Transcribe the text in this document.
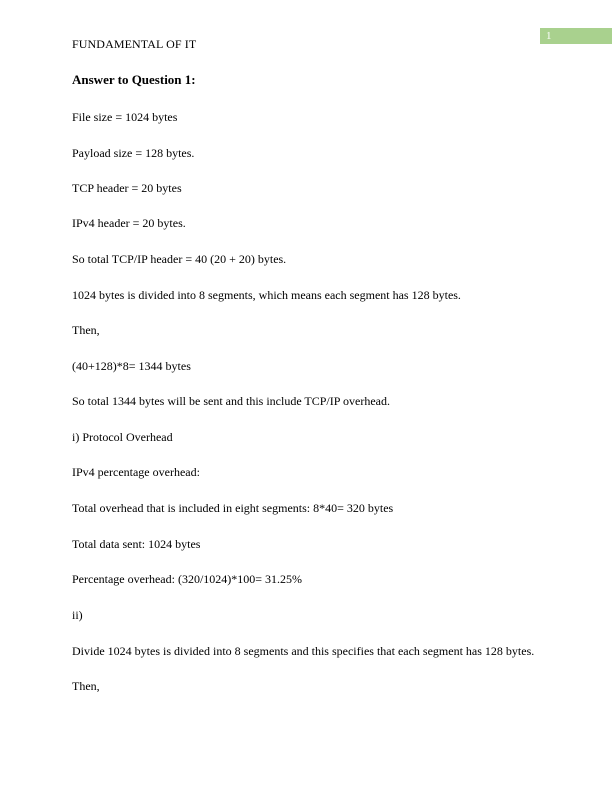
FUNDAMENTAL OF IT
1
Answer to Question 1:
File size = 1024 bytes
Payload size = 128 bytes.
TCP header = 20 bytes
IPv4 header = 20 bytes.
So total TCP/IP header = 40 (20 + 20) bytes.
1024 bytes is divided into 8 segments, which means each segment has 128 bytes.
Then,
(40+128)*8= 1344 bytes
So total 1344 bytes will be sent and this include TCP/IP overhead.
i) Protocol Overhead
IPv4 percentage overhead:
Total overhead that is included in eight segments: 8*40= 320 bytes
Total data sent: 1024 bytes
Percentage overhead: (320/1024)*100= 31.25%
ii)
Divide 1024 bytes is divided into 8 segments and this specifies that each segment has 128 bytes.
Then,
